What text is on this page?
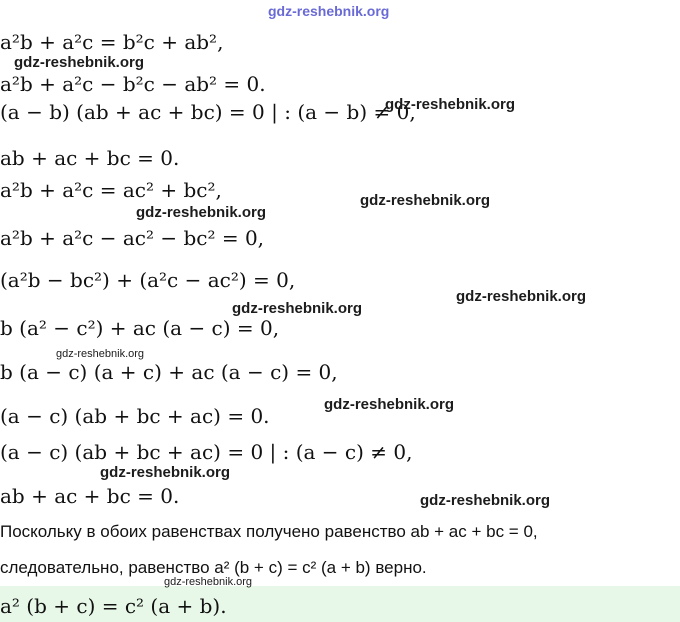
gdz-reshebnik.org
a²b + a²c = b²c + ab²,
gdz-reshebnik.org
a²b + a²c − b²c − ab² = 0.
(a − b) (ab + ac + bc) = 0 | : (a − b) ≠ 0,
gdz-reshebnik.org
ab + ac + bc = 0.
a²b + a²c = ac² + bc²,	gdz-reshebnik.org
gdz-reshebnik.org
a²b + a²c − ac² − bc² = 0,
(a²b − bc²) + (a²c − ac²) = 0,
gdz-reshebnik.org
gdz-reshebnik.org
b (a² − c²) + ac (a − c) = 0,
gdz-reshebnik.org
b (a − c) (a + c) + ac (a − c) = 0,
gdz-reshebnik.org
(a − c) (ab + bc + ac) = 0.
(a − c) (ab + bc + ac) = 0 | : (a − c) ≠ 0,
gdz-reshebnik.org
ab + ac + bc = 0.	gdz-reshebnik.org
Поскольку в обоих равенствах получено равенство ab + ac + bc = 0,
следовательно, равенство a² (b + c) = c² (a + b) верно.
gdz-reshebnik.org
a² (b + c) = c² (a + b).
